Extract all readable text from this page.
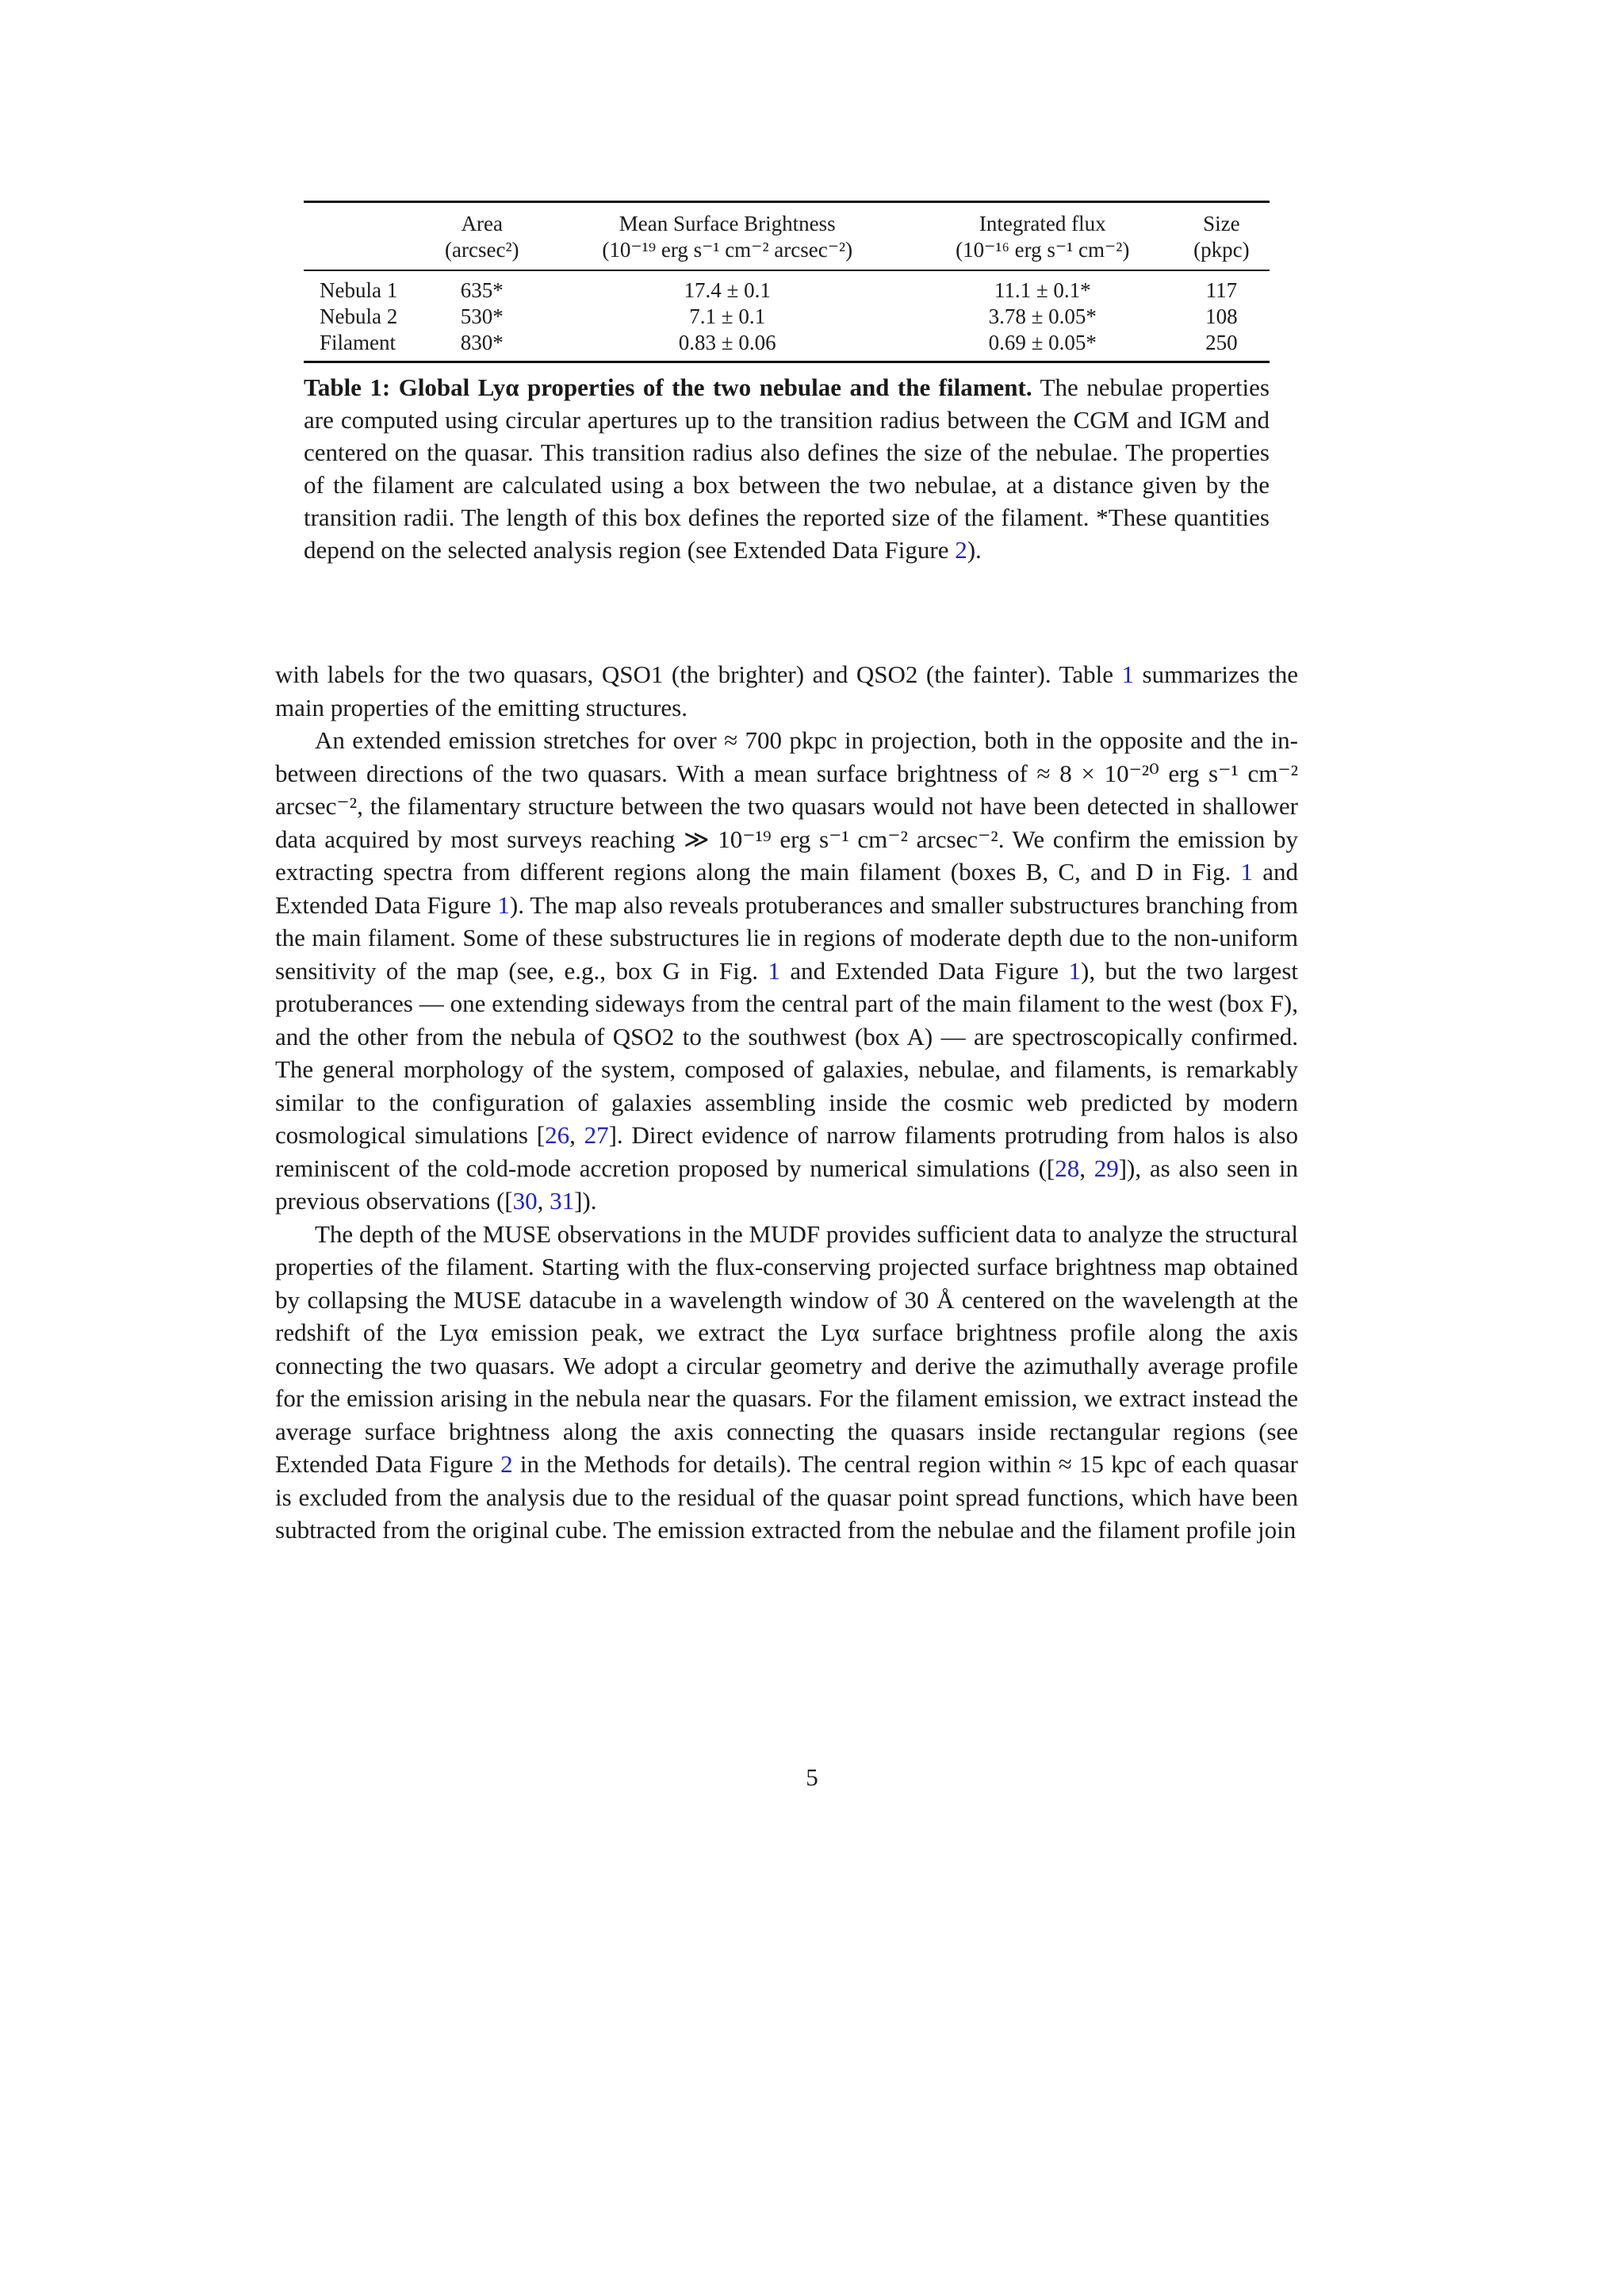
	Area	Mean Surface Brightness	Integrated flux	Size
	(arcsec²)	(10⁻¹⁹ erg s⁻¹ cm⁻² arcsec⁻²)	(10⁻¹⁶ erg s⁻¹ cm⁻²)	(pkpc)
Nebula 1	635*	17.4 ± 0.1	11.1 ± 0.1*	117
Nebula 2	530*	7.1 ± 0.1	3.78 ± 0.05*	108
Filament	830*	0.83 ± 0.06	0.69 ± 0.05*	250
Table 1: Global Lyα properties of the two nebulae and the filament. The nebulae properties are computed using circular apertures up to the transition radius between the CGM and IGM and centered on the quasar. This transition radius also defines the size of the nebulae. The properties of the filament are calculated using a box between the two nebulae, at a distance given by the transition radii. The length of this box defines the reported size of the filament. *These quantities depend on the selected analysis region (see Extended Data Figure 2).

with labels for the two quasars, QSO1 (the brighter) and QSO2 (the fainter). Table 1 summarizes the main properties of the emitting structures.

An extended emission stretches for over ≈ 700 pkpc in projection, both in the opposite and the in-between directions of the two quasars. With a mean surface brightness of ≈ 8 × 10⁻²⁰ erg s⁻¹ cm⁻² arcsec⁻², the filamentary structure between the two quasars would not have been detected in shallower data acquired by most surveys reaching ≫ 10⁻¹⁹ erg s⁻¹ cm⁻² arcsec⁻². We confirm the emission by extracting spectra from different regions along the main filament (boxes B, C, and D in Fig. 1 and Extended Data Figure 1). The map also reveals protuberances and smaller substructures branching from the main filament. Some of these substructures lie in regions of moderate depth due to the non-uniform sensitivity of the map (see, e.g., box G in Fig. 1 and Extended Data Figure 1), but the two largest protuberances — one extending sideways from the central part of the main filament to the west (box F), and the other from the nebula of QSO2 to the southwest (box A) — are spectroscopically confirmed. The general morphology of the system, composed of galaxies, nebulae, and filaments, is remarkably similar to the configuration of galaxies assembling inside the cosmic web predicted by modern cosmological simulations [26, 27]. Direct evidence of narrow filaments protruding from halos is also reminiscent of the cold-mode accretion proposed by numerical simulations ([28, 29]), as also seen in previous observations ([30, 31]).

The depth of the MUSE observations in the MUDF provides sufficient data to analyze the structural properties of the filament. Starting with the flux-conserving projected surface brightness map obtained by collapsing the MUSE datacube in a wavelength window of 30 Å centered on the wavelength at the redshift of the Lyα emission peak, we extract the Lyα surface brightness profile along the axis connecting the two quasars. We adopt a circular geometry and derive the azimuthally average profile for the emission arising in the nebula near the quasars. For the filament emission, we extract instead the average surface brightness along the axis connecting the quasars inside rectangular regions (see Extended Data Figure 2 in the Methods for details). The central region within ≈ 15 kpc of each quasar is excluded from the analysis due to the residual of the quasar point spread functions, which have been subtracted from the original cube. The emission extracted from the nebulae and the filament profile join

5
